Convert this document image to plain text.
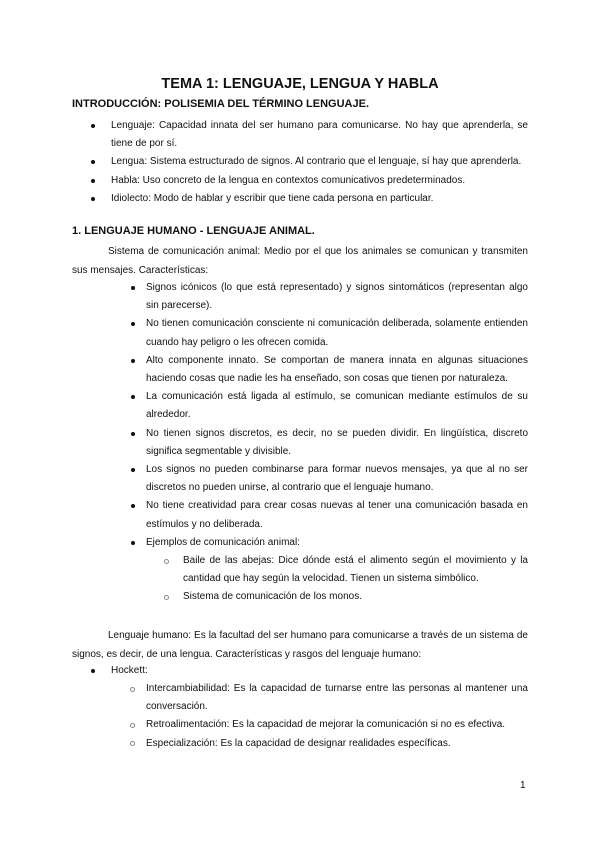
TEMA 1: LENGUAJE, LENGUA Y HABLA
INTRODUCCIÓN: POLISEMIA DEL TÉRMINO LENGUAJE.
Lenguaje: Capacidad innata del ser humano para comunicarse. No hay que aprenderla, se tiene de por sí.
Lengua: Sistema estructurado de signos. Al contrario que el lenguaje, sí hay que aprenderla.
Habla: Uso concreto de la lengua en contextos comunicativos predeterminados.
Idiolecto: Modo de hablar y escribir que tiene cada persona en particular.
1. LENGUAJE HUMANO - LENGUAJE ANIMAL.

Sistema de comunicación animal: Medio por el que los animales se comunican y transmiten sus mensajes. Características:

Signos icónicos (lo que está representado) y signos sintomáticos (representan algo sin parecerse).
No tienen comunicación consciente ni comunicación deliberada, solamente entienden cuando hay peligro o les ofrecen comida.
Alto componente innato. Se comportan de manera innata en algunas situaciones haciendo cosas que nadie les ha enseñado, son cosas que tienen por naturaleza.
La comunicación está ligada al estímulo, se comunican mediante estímulos de su alrededor.
No tienen signos discretos, es decir, no se pueden dividir. En lingüística, discreto significa segmentable y divisible.
Los signos no pueden combinarse para formar nuevos mensajes, ya que al no ser discretos no pueden unirse, al contrario que el lenguaje humano.
No tiene creatividad para crear cosas nuevas al tener una comunicación basada en estímulos y no deliberada.
Ejemplos de comunicación animal:
Baile de las abejas: Dice dónde está el alimento según el movimiento y la cantidad que hay según la velocidad. Tienen un sistema simbólico.
Sistema de comunicación de los monos.

Lenguaje humano: Es la facultad del ser humano para comunicarse a través de un sistema de signos, es decir, de una lengua. Características y rasgos del lenguaje humano:

Hockett:
Intercambiabilidad: Es la capacidad de turnarse entre las personas al mantener una conversación.
Retroalimentación: Es la capacidad de mejorar la comunicación si no es efectiva.
Especialización: Es la capacidad de designar realidades específicas.
1
